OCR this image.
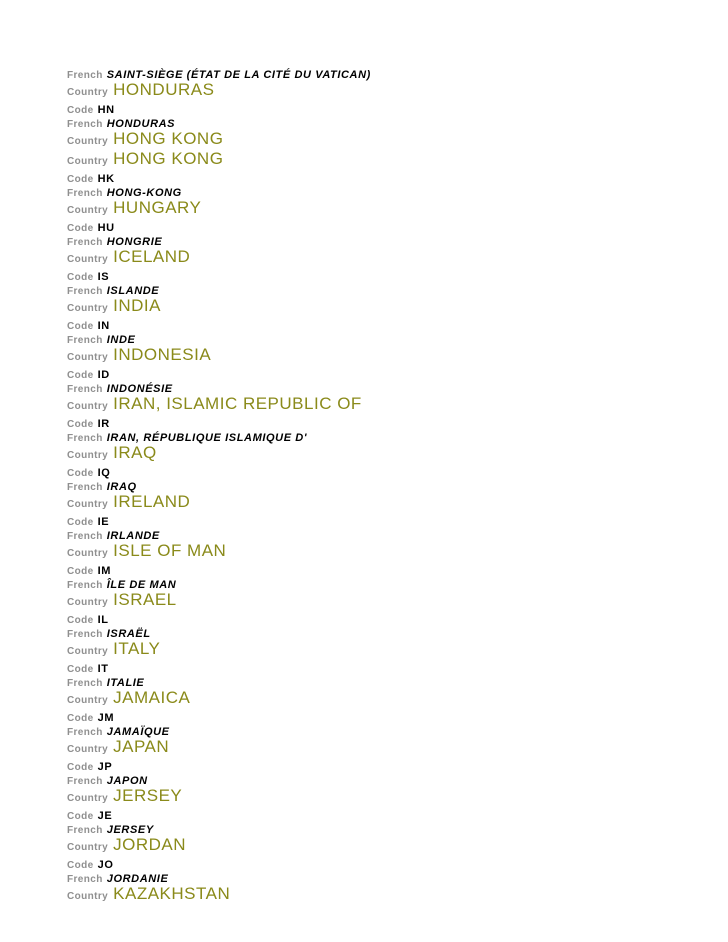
French SAINT-SIÈGE (ÉTAT DE LA CITÉ DU VATICAN)
Country HONDURAS
Code HN
French HONDURAS
Country HONG KONG
Country HONG KONG
Code HK
French HONG-KONG
Country HUNGARY
Code HU
French HONGRIE
Country ICELAND
Code IS
French ISLANDE
Country INDIA
Code IN
French INDE
Country INDONESIA
Code ID
French INDONÉSIE
Country IRAN, ISLAMIC REPUBLIC OF
Code IR
French IRAN, RÉPUBLIQUE ISLAMIQUE D'
Country IRAQ
Code IQ
French IRAQ
Country IRELAND
Code IE
French IRLANDE
Country ISLE OF MAN
Code IM
French ÎLE DE MAN
Country ISRAEL
Code IL
French ISRAËL
Country ITALY
Code IT
French ITALIE
Country JAMAICA
Code JM
French JAMAÏQUE
Country JAPAN
Code JP
French JAPON
Country JERSEY
Code JE
French JERSEY
Country JORDAN
Code JO
French JORDANIE
Country KAZAKHSTAN
